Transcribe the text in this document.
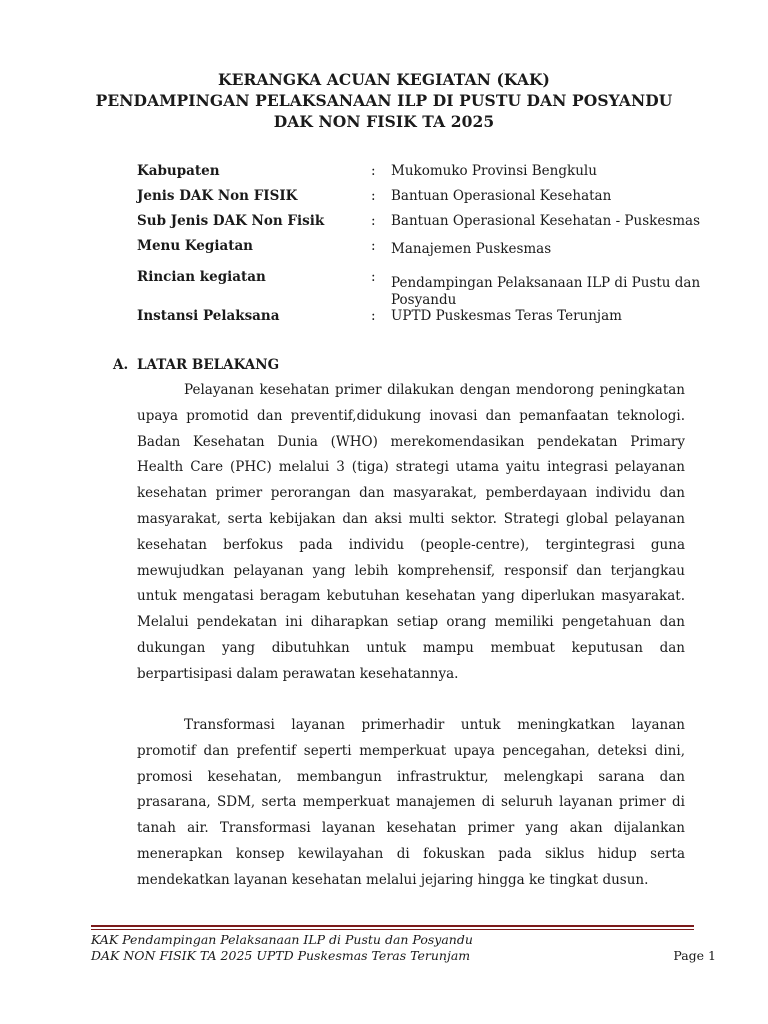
KERANGKA ACUAN KEGIATAN (KAK)
PENDAMPINGAN PELAKSANAAN ILP DI PUSTU DAN POSYANDU
DAK NON FISIK TA 2025
Kabupaten	: Mukomuko Provinsi Bengkulu
Jenis DAK Non FISIK	: Bantuan Operasional Kesehatan
Sub Jenis DAK Non Fisik	: Bantuan Operasional Kesehatan - Puskesmas
Menu Kegiatan	: Manajemen Puskesmas
Rincian kegiatan	: Pendampingan Pelaksanaan ILP di Pustu dan Posyandu
Instansi Pelaksana	: UPTD Puskesmas Teras Terunjam
A. LATAR BELAKANG

Pelayanan kesehatan primer dilakukan dengan mendorong peningkatan upaya promotid dan preventif,didukung inovasi dan pemanfaatan teknologi. Badan Kesehatan Dunia (WHO) merekomendasikan pendekatan Primary Health Care (PHC) melalui 3 (tiga) strategi utama yaitu integrasi pelayanan kesehatan primer perorangan dan masyarakat, pemberdayaan individu dan masyarakat, serta kebijakan dan aksi multi sektor. Strategi global pelayanan kesehatan berfokus pada individu (people-centre), tergintegrasi guna mewujudkan pelayanan yang lebih komprehensif, responsif dan terjangkau untuk mengatasi beragam kebutuhan kesehatan yang diperlukan masyarakat. Melalui pendekatan ini diharapkan setiap orang memiliki pengetahuan dan dukungan yang dibutuhkan untuk mampu membuat keputusan dan berpartisipasi dalam perawatan kesehatannya.

Transformasi layanan primerhadir untuk meningkatkan layanan promotif dan prefentif seperti memperkuat upaya pencegahan, deteksi dini, promosi kesehatan, membangun infrastruktur, melengkapi sarana dan prasarana, SDM, serta memperkuat manajemen di seluruh layanan primer di tanah air. Transformasi layanan kesehatan primer yang akan dijalankan menerapkan konsep kewilayahan di fokuskan pada siklus hidup serta mendekatkan layanan kesehatan melalui jejaring hingga ke tingkat dusun.

KAK Pendampingan Pelaksanaan ILP di Pustu dan Posyandu
DAK NON FISIK TA 2025 UPTD Puskesmas Teras Terunjam	Page 1
